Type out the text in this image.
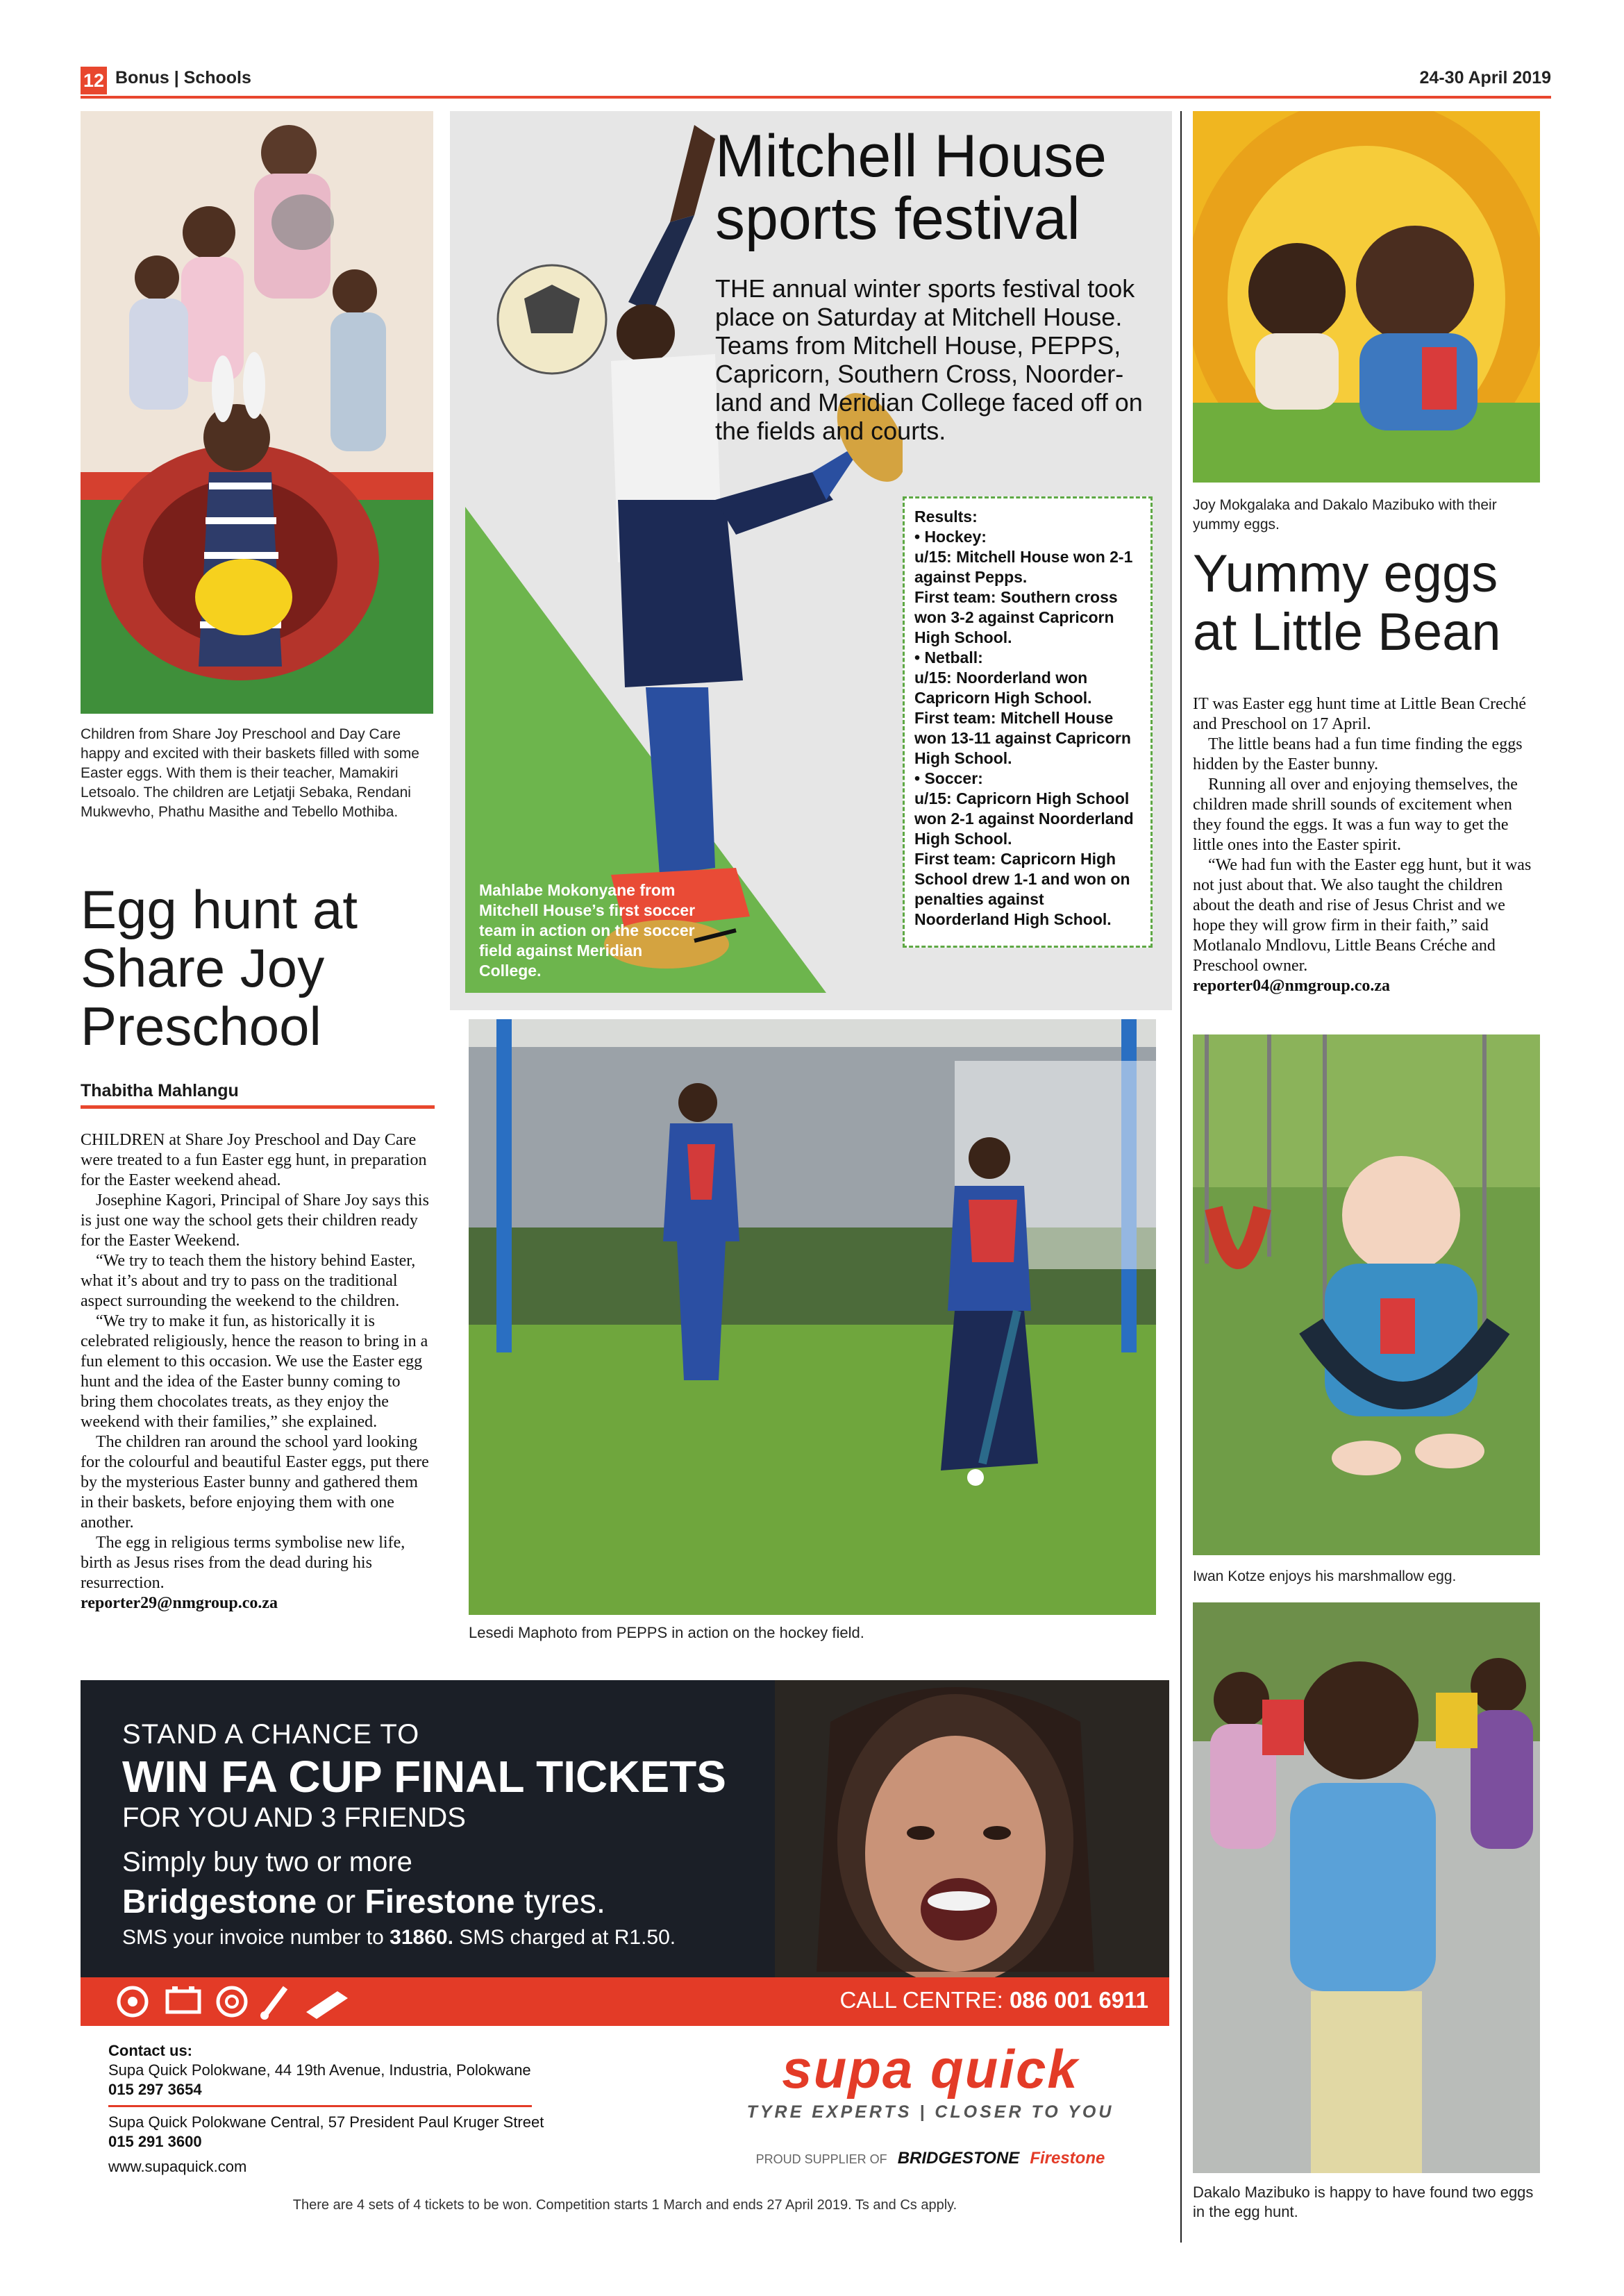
12 Bonus | Schools	24-30 April 2019
Children from Share Joy Preschool and Day Care happy and excited with their baskets filled with some Easter eggs. With them is their teacher, Mamakiri Letsoalo. The children are Letjatji Sebaka, Rendani Mukwevho, Phathu Masithe and Tebello Mothiba.
Egg hunt at Share Joy Preschool
Thabitha Mahlangu

CHILDREN at Share Joy Preschool and Day Care were treated to a fun Easter egg hunt, in preparation for the Easter weekend ahead.

Josephine Kagori, Principal of Share Joy says this is just one way the school gets their children ready for the Easter Weekend.

“We try to teach them the history behind Easter, what it’s about and try to pass on the traditional aspect surrounding the weekend to the children.

“We try to make it fun, as historically it is celebrated religiously, hence the reason to bring in a fun element to this occasion. We use the Easter egg hunt and the idea of the Easter bunny coming to bring them chocolates treats, as they enjoy the weekend with their families,” she explained.

The children ran around the school yard looking for the colourful and beautiful Easter eggs, put there by the mysterious Easter bunny and gathered them in their baskets, before enjoying them with one another.

The egg in religious terms symbolise new life, birth as Jesus rises from the dead during his resurrection.

reporter29@nmgroup.co.za

Mitchell House sports festival
THE annual winter sports festival took place on Saturday at Mitchell House. Teams from Mitchell House, PEPPS, Capricorn, Southern Cross, Noorder-land and Meridian College faced off on the fields and courts.
Mahlabe Mokonyane from Mitchell House’s first soccer team in action on the soccer field against Meridian College.
Results:
• Hockey:
u/15: Mitchell House won 2-1 against Pepps.
First team: Southern cross won 3-2 against Capricorn High School.
• Netball:
u/15: Noorderland won Capricorn High School.
First team: Mitchell House won 13-11 against Capricorn High School.
• Soccer:
u/15: Capricorn High School won 2-1 against Noorderland High School.
First team: Capricorn High School drew 1-1 and won on penalties against Noorderland High School.
Lesedi Maphoto from PEPPS in action on the hockey field.
Joy Mokgalaka and Dakalo Mazibuko with their yummy eggs.
Yummy eggs at Little Bean

IT was Easter egg hunt time at Little Bean Creché and Preschool on 17 April.

The little beans had a fun time finding the eggs hidden by the Easter bunny.

Running all over and enjoying themselves, the children made shrill sounds of excitement when they found the eggs. It was a fun way to get the little ones into the Easter spirit.

“We had fun with the Easter egg hunt, but it was not just about that. We also taught the children about the death and rise of Jesus Christ and we hope they will grow firm in their faith,” said Motlanalo Mndlovu, Little Beans Créche and Preschool owner.

reporter04@nmgroup.co.za

Iwan Kotze enjoys his marshmallow egg.
Dakalo Mazibuko is happy to have found two eggs in the egg hunt.
STAND A CHANCE TO
WIN FA CUP FINAL TICKETS
FOR YOU AND 3 FRIENDS
Simply buy two or more
Bridgestone or Firestone tyres.
SMS your invoice number to 31860. SMS charged at R1.50.
CALL CENTRE: 086 001 6911
Contact us:
Supa Quick Polokwane, 44 19th Avenue, Industria, Polokwane
015 297 3654
Supa Quick Polokwane Central, 57 President Paul Kruger Street
015 291 3600
www.supaquick.com
supa quick
TYRE EXPERTS | CLOSER TO YOU
PROUD SUPPLIER OF BRIDGESTONE Firestone
There are 4 sets of 4 tickets to be won. Competition starts 1 March and ends 27 April 2019. Ts and Cs apply.
